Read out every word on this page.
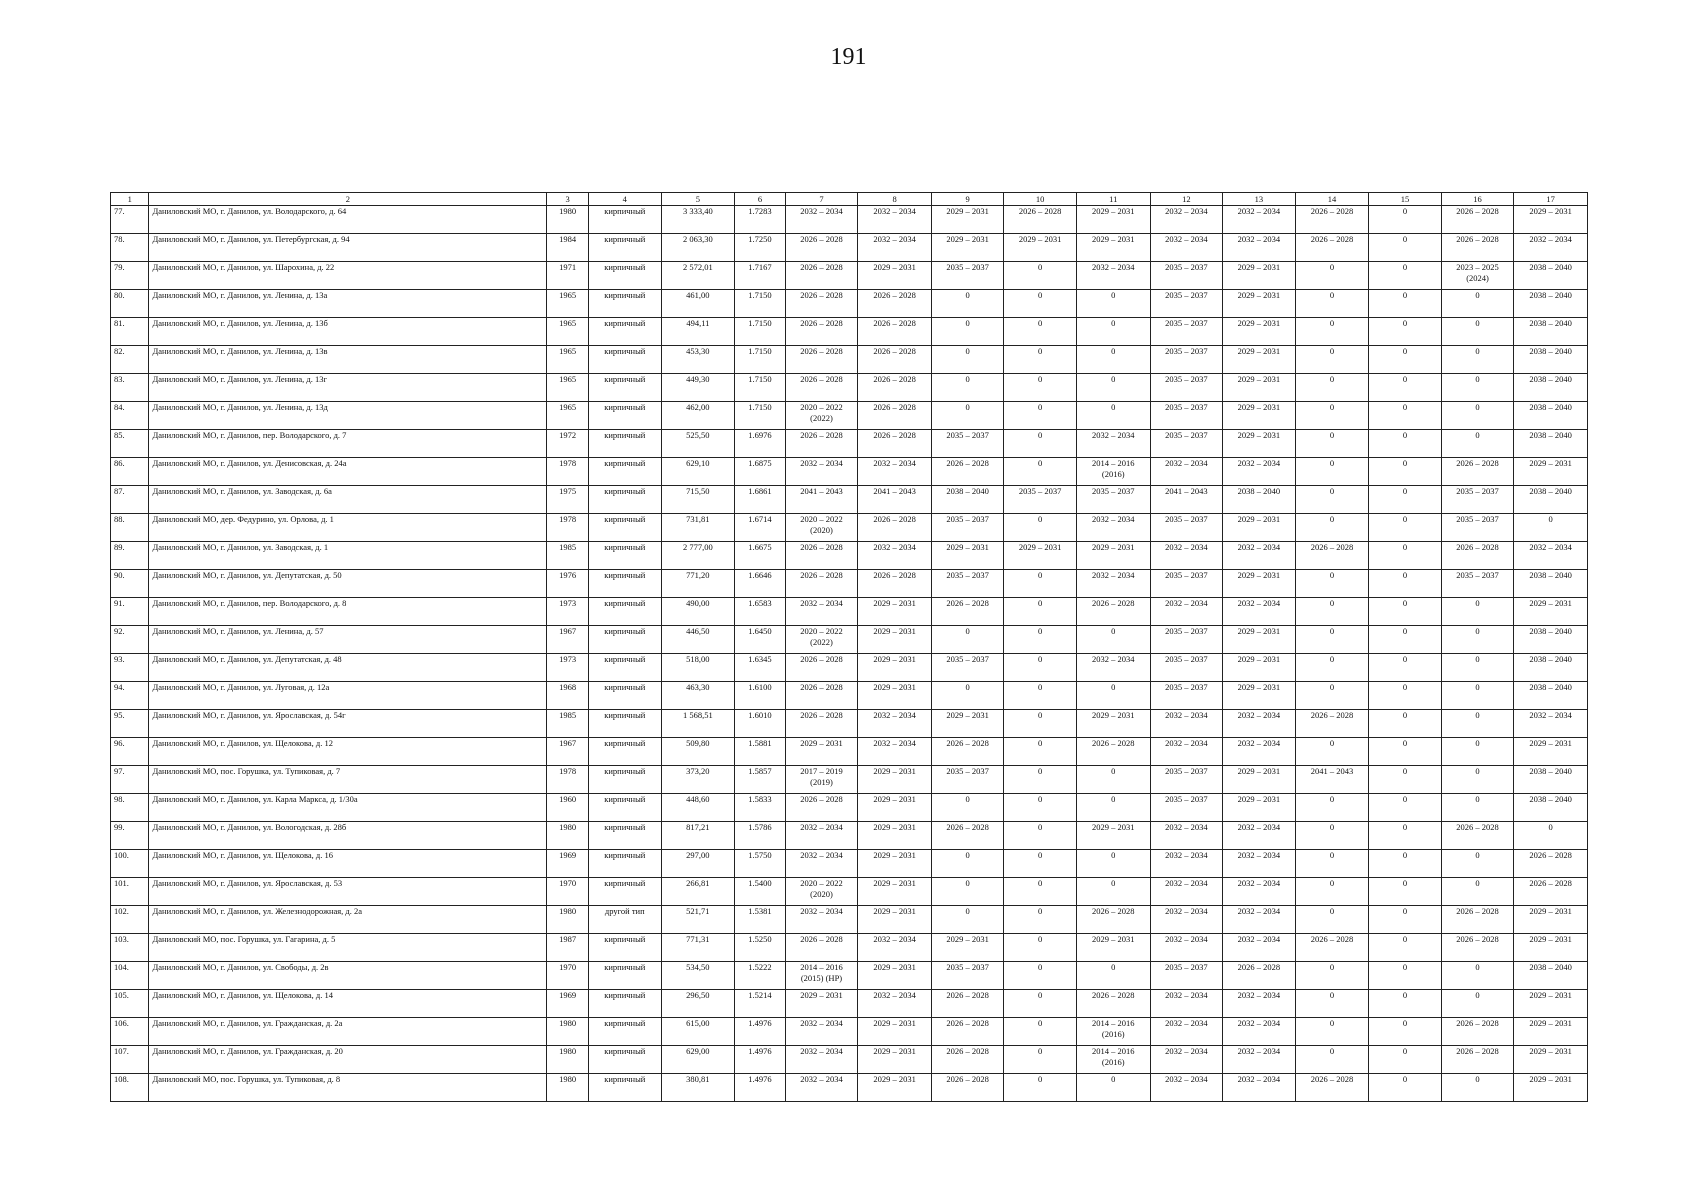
191
1	2	3	4	5	6	7	8	9	10	11	12	13	14	15	16	17
77.	Даниловский МО, г. Данилов, ул. Володарского, д. 64	1980	кирпичный	3 333,40	1.7283	2032 – 2034	2032 – 2034	2029 – 2031	2026 – 2028	2029 – 2031	2032 – 2034	2032 – 2034	2026 – 2028	0	2026 – 2028	2029 – 2031
78.	Даниловский МО, г. Данилов, ул. Петербургская, д. 94	1984	кирпичный	2 063,30	1.7250	2026 – 2028	2032 – 2034	2029 – 2031	2029 – 2031	2029 – 2031	2032 – 2034	2032 – 2034	2026 – 2028	0	2026 – 2028	2032 – 2034
79.	Даниловский МО, г. Данилов, ул. Шарохина, д. 22	1971	кирпичный	2 572,01	1.7167	2026 – 2028	2029 – 2031	2035 – 2037	0	2032 – 2034	2035 – 2037	2029 – 2031	0	0	2023 – 2025 (2024)	2038 – 2040
80.	Даниловский МО, г. Данилов, ул. Ленина, д. 13а	1965	кирпичный	461,00	1.7150	2026 – 2028	2026 – 2028	0	0	0	2035 – 2037	2029 – 2031	0	0	0	2038 – 2040
81.	Даниловский МО, г. Данилов, ул. Ленина, д. 13б	1965	кирпичный	494,11	1.7150	2026 – 2028	2026 – 2028	0	0	0	2035 – 2037	2029 – 2031	0	0	0	2038 – 2040
82.	Даниловский МО, г. Данилов, ул. Ленина, д. 13в	1965	кирпичный	453,30	1.7150	2026 – 2028	2026 – 2028	0	0	0	2035 – 2037	2029 – 2031	0	0	0	2038 – 2040
83.	Даниловский МО, г. Данилов, ул. Ленина, д. 13г	1965	кирпичный	449,30	1.7150	2026 – 2028	2026 – 2028	0	0	0	2035 – 2037	2029 – 2031	0	0	0	2038 – 2040
84.	Даниловский МО, г. Данилов, ул. Ленина, д. 13д	1965	кирпичный	462,00	1.7150	2020 – 2022 (2022)	2026 – 2028	0	0	0	2035 – 2037	2029 – 2031	0	0	0	2038 – 2040
85.	Даниловский МО, г. Данилов, пер. Володарского, д. 7	1972	кирпичный	525,50	1.6976	2026 – 2028	2026 – 2028	2035 – 2037	0	2032 – 2034	2035 – 2037	2029 – 2031	0	0	0	2038 – 2040
86.	Даниловский МО, г. Данилов, ул. Денисовская, д. 24а	1978	кирпичный	629,10	1.6875	2032 – 2034	2032 – 2034	2026 – 2028	0	2014 – 2016 (2016)	2032 – 2034	2032 – 2034	0	0	2026 – 2028	2029 – 2031
87.	Даниловский МО, г. Данилов, ул. Заводская, д. 6а	1975	кирпичный	715,50	1.6861	2041 – 2043	2041 – 2043	2038 – 2040	2035 – 2037	2035 – 2037	2041 – 2043	2038 – 2040	0	0	2035 – 2037	2038 – 2040
88.	Даниловский МО, дер. Федурино, ул. Орлова, д. 1	1978	кирпичный	731,81	1.6714	2020 – 2022 (2020)	2026 – 2028	2035 – 2037	0	2032 – 2034	2035 – 2037	2029 – 2031	0	0	2035 – 2037	0
89.	Даниловский МО, г. Данилов, ул. Заводская, д. 1	1985	кирпичный	2 777,00	1.6675	2026 – 2028	2032 – 2034	2029 – 2031	2029 – 2031	2029 – 2031	2032 – 2034	2032 – 2034	2026 – 2028	0	2026 – 2028	2032 – 2034
90.	Даниловский МО, г. Данилов, ул. Депутатская, д. 50	1976	кирпичный	771,20	1.6646	2026 – 2028	2026 – 2028	2035 – 2037	0	2032 – 2034	2035 – 2037	2029 – 2031	0	0	2035 – 2037	2038 – 2040
91.	Даниловский МО, г. Данилов, пер. Володарского, д. 8	1973	кирпичный	490,00	1.6583	2032 – 2034	2029 – 2031	2026 – 2028	0	2026 – 2028	2032 – 2034	2032 – 2034	0	0	0	2029 – 2031
92.	Даниловский МО, г. Данилов, ул. Ленина, д. 57	1967	кирпичный	446,50	1.6450	2020 – 2022 (2022)	2029 – 2031	0	0	0	2035 – 2037	2029 – 2031	0	0	0	2038 – 2040
93.	Даниловский МО, г. Данилов, ул. Депутатская, д. 48	1973	кирпичный	518,00	1.6345	2026 – 2028	2029 – 2031	2035 – 2037	0	2032 – 2034	2035 – 2037	2029 – 2031	0	0	0	2038 – 2040
94.	Даниловский МО, г. Данилов, ул. Луговая, д. 12а	1968	кирпичный	463,30	1.6100	2026 – 2028	2029 – 2031	0	0	0	2035 – 2037	2029 – 2031	0	0	0	2038 – 2040
95.	Даниловский МО, г. Данилов, ул. Ярославская, д. 54г	1985	кирпичный	1 568,51	1.6010	2026 – 2028	2032 – 2034	2029 – 2031	0	2029 – 2031	2032 – 2034	2032 – 2034	2026 – 2028	0	0	2032 – 2034
96.	Даниловский МО, г. Данилов, ул. Щелокова, д. 12	1967	кирпичный	509,80	1.5881	2029 – 2031	2032 – 2034	2026 – 2028	0	2026 – 2028	2032 – 2034	2032 – 2034	0	0	0	2029 – 2031
97.	Даниловский МО, пос. Горушка, ул. Тупиковая, д. 7	1978	кирпичный	373,20	1.5857	2017 – 2019 (2019)	2029 – 2031	2035 – 2037	0	0	2035 – 2037	2029 – 2031	2041 – 2043	0	0	2038 – 2040
98.	Даниловский МО, г. Данилов, ул. Карла Маркса, д. 1/30а	1960	кирпичный	448,60	1.5833	2026 – 2028	2029 – 2031	0	0	0	2035 – 2037	2029 – 2031	0	0	0	2038 – 2040
99.	Даниловский МО, г. Данилов, ул. Вологодская, д. 28б	1980	кирпичный	817,21	1.5786	2032 – 2034	2029 – 2031	2026 – 2028	0	2029 – 2031	2032 – 2034	2032 – 2034	0	0	2026 – 2028	0
100.	Даниловский МО, г. Данилов, ул. Щелокова, д. 16	1969	кирпичный	297,00	1.5750	2032 – 2034	2029 – 2031	0	0	0	2032 – 2034	2032 – 2034	0	0	0	2026 – 2028
101.	Даниловский МО, г. Данилов, ул. Ярославская, д. 53	1970	кирпичный	266,81	1.5400	2020 – 2022 (2020)	2029 – 2031	0	0	0	2032 – 2034	2032 – 2034	0	0	0	2026 – 2028
102.	Даниловский МО, г. Данилов, ул. Железнодорожная, д. 2а	1980	другой тип	521,71	1.5381	2032 – 2034	2029 – 2031	0	0	2026 – 2028	2032 – 2034	2032 – 2034	0	0	2026 – 2028	2029 – 2031
103.	Даниловский МО, пос. Горушка, ул. Гагарина, д. 5	1987	кирпичный	771,31	1.5250	2026 – 2028	2032 – 2034	2029 – 2031	0	2029 – 2031	2032 – 2034	2032 – 2034	2026 – 2028	0	2026 – 2028	2029 – 2031
104.	Даниловский МО, г. Данилов, ул. Свободы, д. 2в	1970	кирпичный	534,50	1.5222	2014 – 2016 (2015) (НР)	2029 – 2031	2035 – 2037	0	0	2035 – 2037	2026 – 2028	0	0	0	2038 – 2040
105.	Даниловский МО, г. Данилов, ул. Щелокова, д. 14	1969	кирпичный	296,50	1.5214	2029 – 2031	2032 – 2034	2026 – 2028	0	2026 – 2028	2032 – 2034	2032 – 2034	0	0	0	2029 – 2031
106.	Даниловский МО, г. Данилов, ул. Гражданская, д. 2а	1980	кирпичный	615,00	1.4976	2032 – 2034	2029 – 2031	2026 – 2028	0	2014 – 2016 (2016)	2032 – 2034	2032 – 2034	0	0	2026 – 2028	2029 – 2031
107.	Даниловский МО, г. Данилов, ул. Гражданская, д. 20	1980	кирпичный	629,00	1.4976	2032 – 2034	2029 – 2031	2026 – 2028	0	2014 – 2016 (2016)	2032 – 2034	2032 – 2034	0	0	2026 – 2028	2029 – 2031
108.	Даниловский МО, пос. Горушка, ул. Тупиковая, д. 8	1980	кирпичный	380,81	1.4976	2032 – 2034	2029 – 2031	2026 – 2028	0	0	2032 – 2034	2032 – 2034	2026 – 2028	0	0	2029 – 2031
